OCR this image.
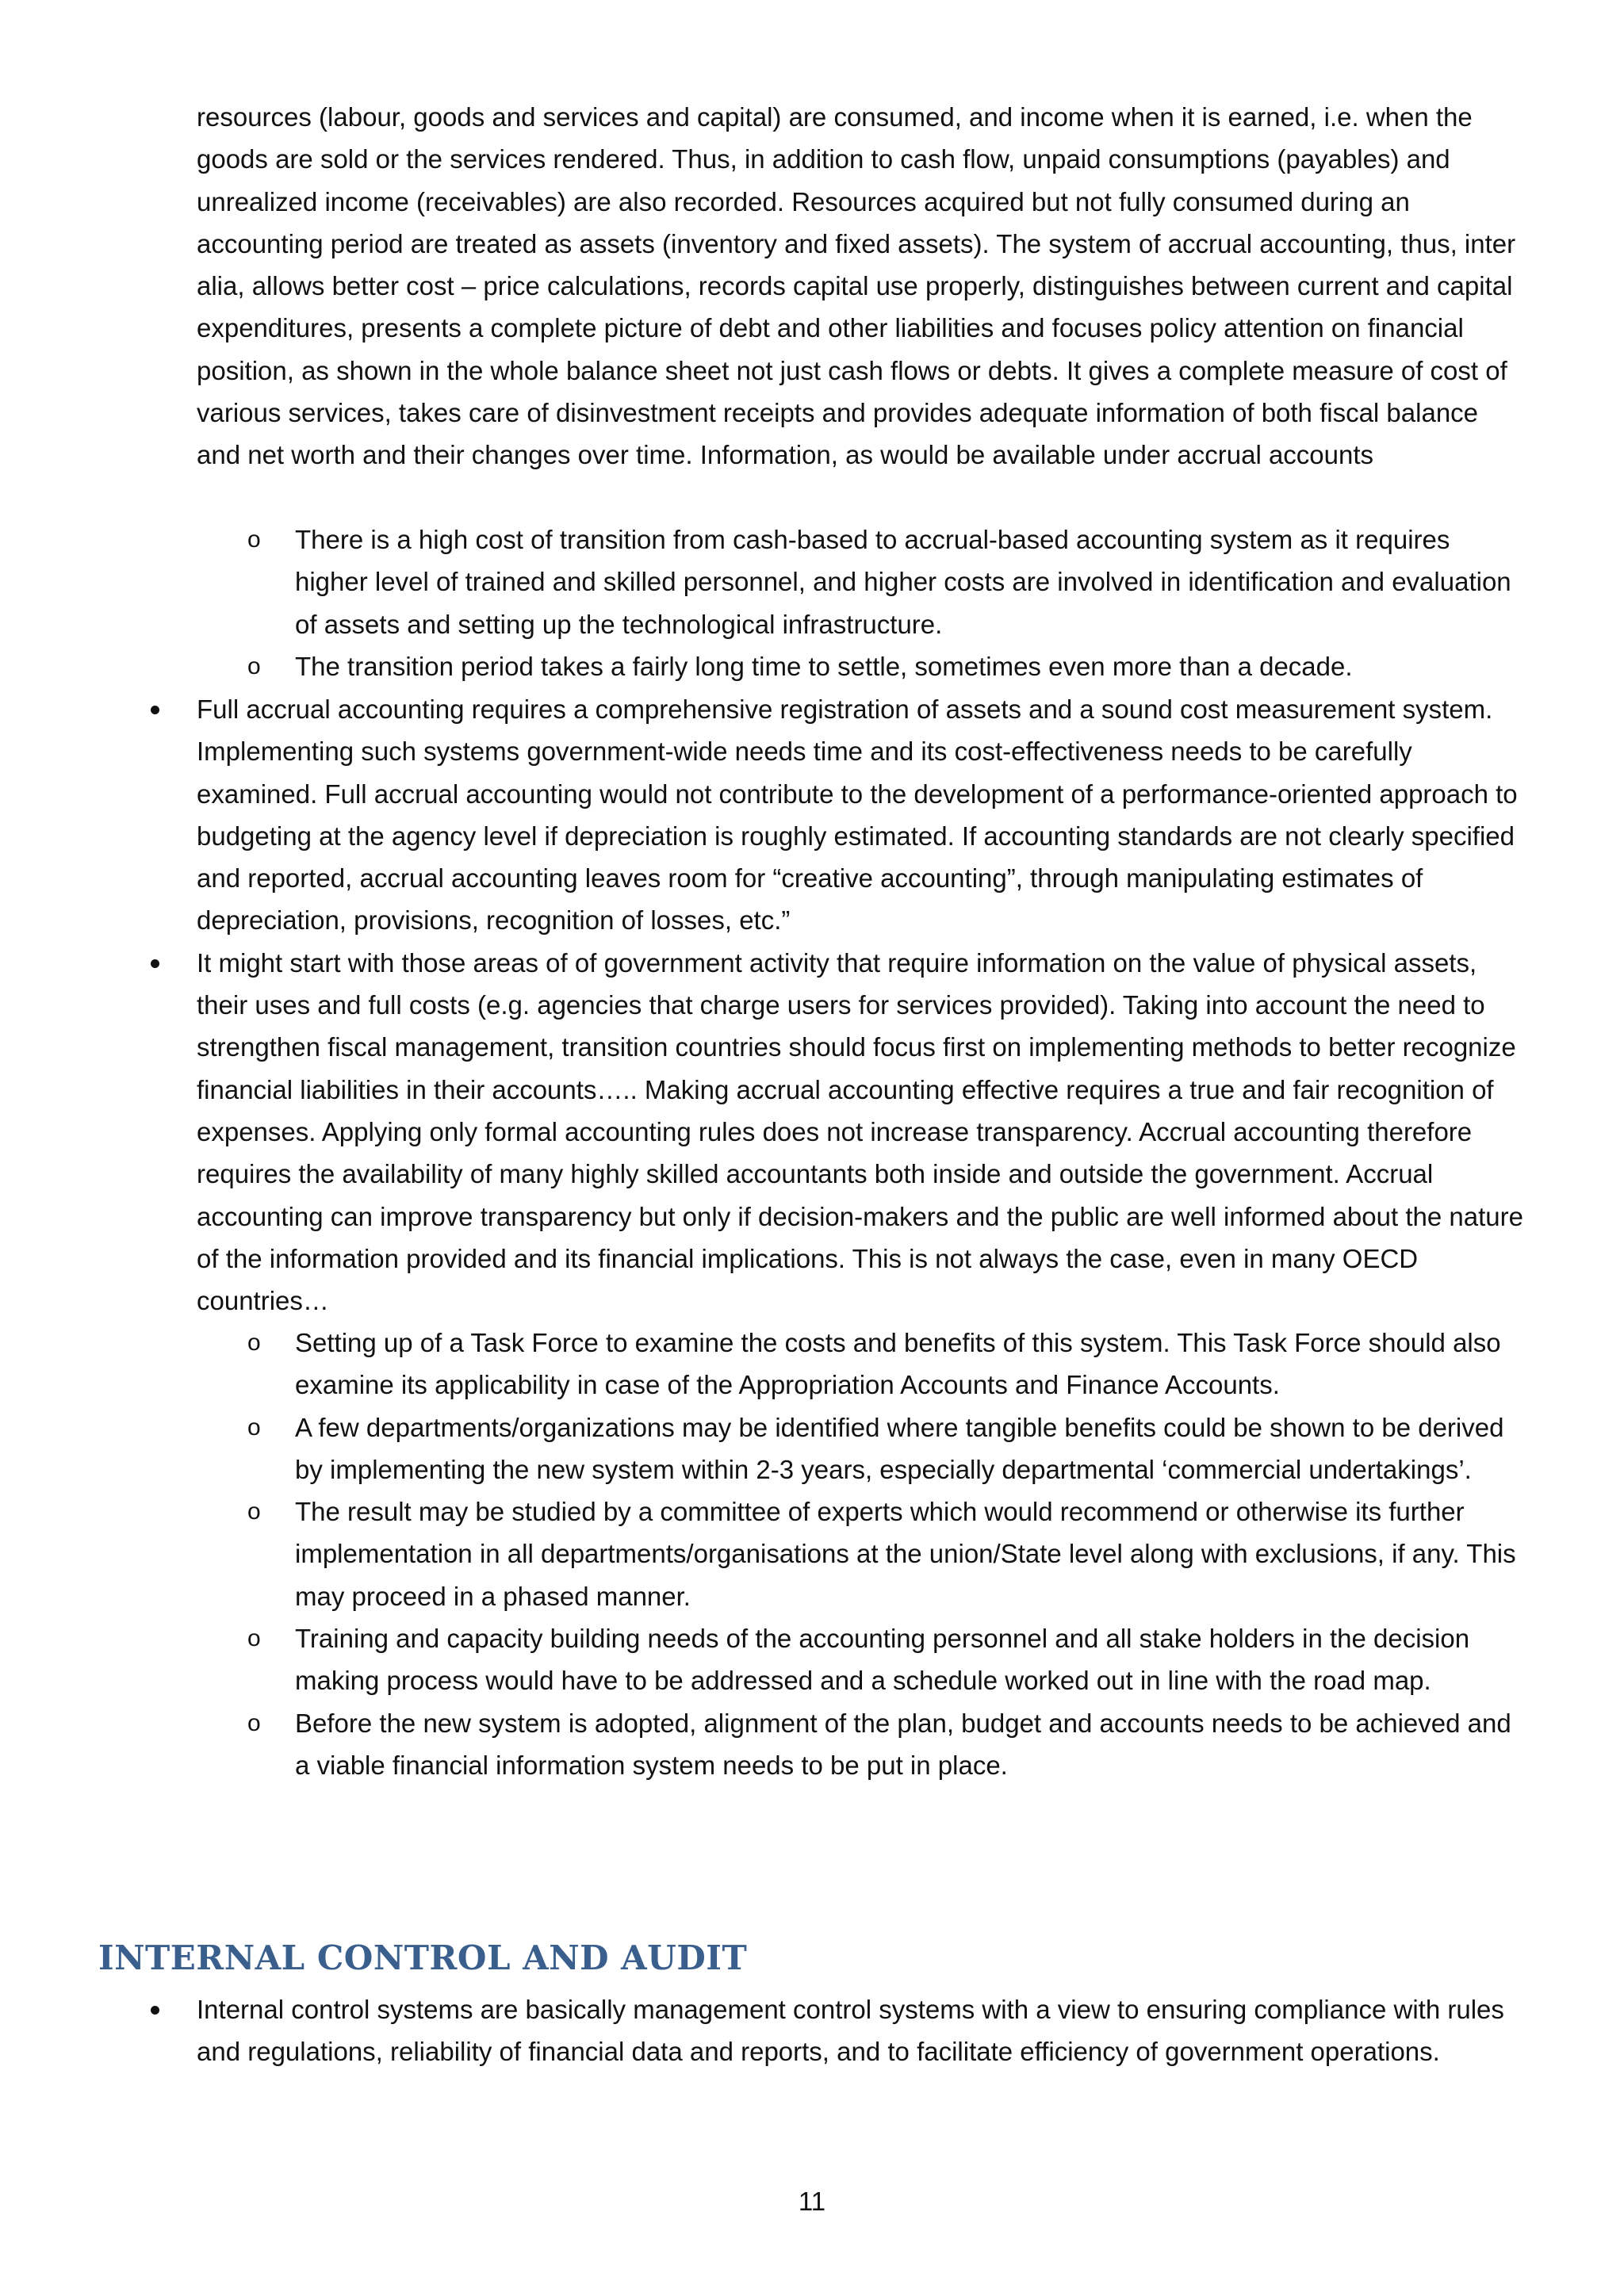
resources (labour, goods and services and capital) are consumed, and income when it is earned, i.e. when the goods are sold or the services rendered. Thus, in addition to cash flow, unpaid consumptions (payables) and unrealized income (receivables) are also recorded. Resources acquired but not fully consumed during an accounting period are treated as assets (inventory and fixed assets). The system of accrual accounting, thus, inter alia, allows better cost – price calculations, records capital use properly, distinguishes between current and capital expenditures, presents a complete picture of debt and other liabilities and focuses policy attention on financial position, as shown in the whole balance sheet not just cash flows or debts. It gives a complete measure of cost of various services, takes care of disinvestment receipts and provides adequate information of both fiscal balance and net worth and their changes over time. Information, as would be available under accrual accounts

o There is a high cost of transition from cash-based to accrual-based accounting system as it requires higher level of trained and skilled personnel, and higher costs are involved in identification and evaluation of assets and setting up the technological infrastructure.
o The transition period takes a fairly long time to settle, sometimes even more than a decade.
Full accrual accounting requires a comprehensive registration of assets and a sound cost measurement system. Implementing such systems government-wide needs time and its cost-effectiveness needs to be carefully examined. Full accrual accounting would not contribute to the development of a performance-oriented approach to budgeting at the agency level if depreciation is roughly estimated. If accounting standards are not clearly specified and reported, accrual accounting leaves room for “creative accounting”, through manipulating estimates of depreciation, provisions, recognition of losses, etc.”
It might start with those areas of of government activity that require information on the value of physical assets, their uses and full costs (e.g. agencies that charge users for services provided). Taking into account the need to strengthen fiscal management, transition countries should focus first on implementing methods to better recognize financial liabilities in their accounts….. Making accrual accounting effective requires a true and fair recognition of expenses. Applying only formal accounting rules does not increase transparency. Accrual accounting therefore requires the availability of many highly skilled accountants both inside and outside the government. Accrual accounting can improve transparency but only if decision-makers and the public are well informed about the nature of the information provided and its financial implications. This is not always the case, even in many OECD countries…
o Setting up of a Task Force to examine the costs and benefits of this system. This Task Force should also examine its applicability in case of the Appropriation Accounts and Finance Accounts.
o A few departments/organizations may be identified where tangible benefits could be shown to be derived by implementing the new system within 2-3 years, especially departmental ‘commercial undertakings’.
o The result may be studied by a committee of experts which would recommend or otherwise its further implementation in all departments/organisations at the union/State level along with exclusions, if any. This may proceed in a phased manner.
o Training and capacity building needs of the accounting personnel and all stake holders in the decision making process would have to be addressed and a schedule worked out in line with the road map.
o Before the new system is adopted, alignment of the plan, budget and accounts needs to be achieved and a viable financial information system needs to be put in place.
INTERNAL CONTROL AND AUDIT
Internal control systems are basically management control systems with a view to ensuring compliance with rules and regulations, reliability of financial data and reports, and to facilitate efficiency of government operations.
11
